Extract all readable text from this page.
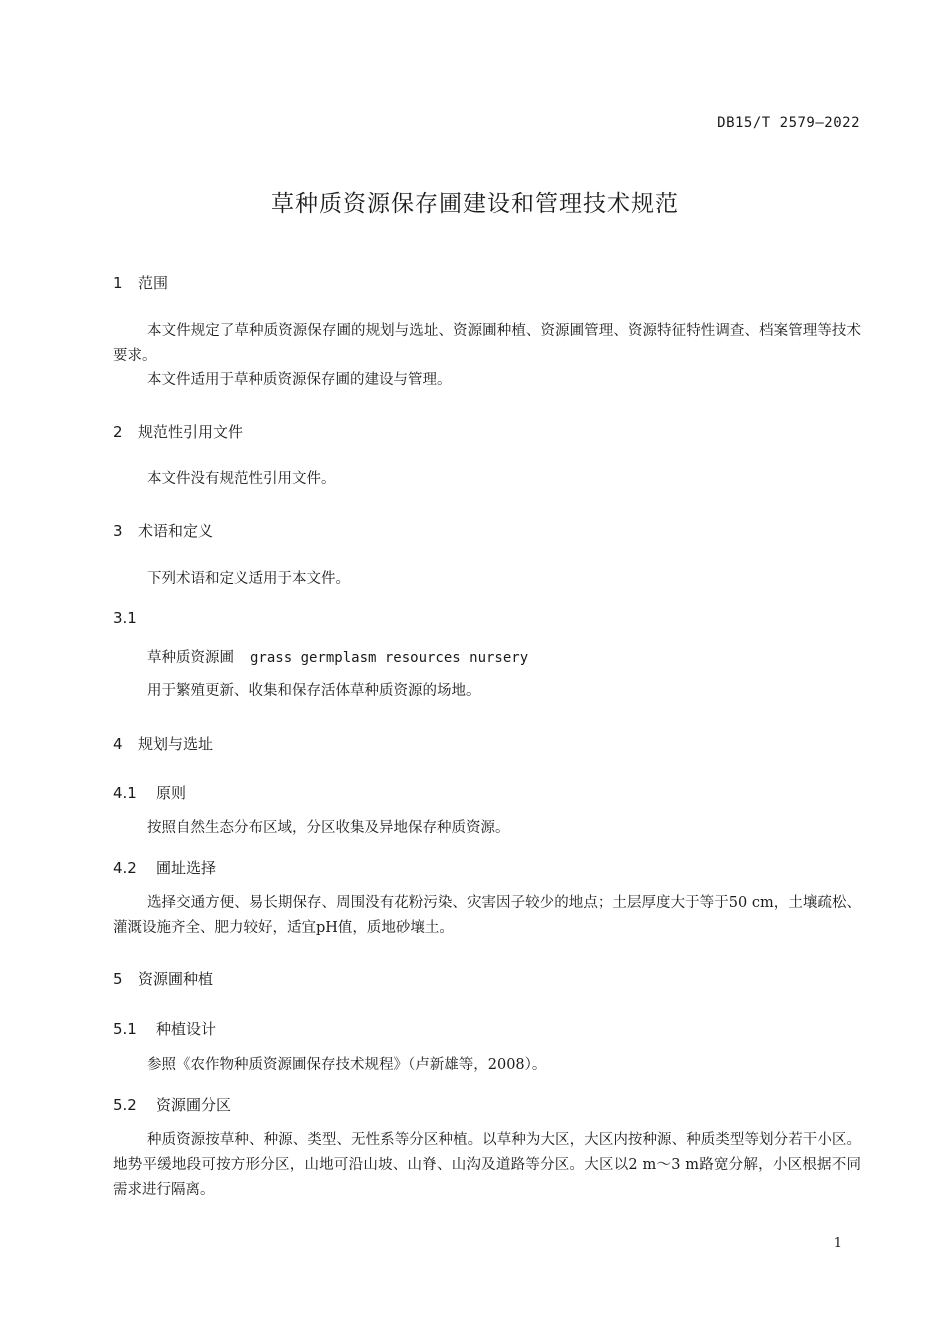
DB15/T 2579—2022
草种质资源保存圃建设和管理技术规范
1 范围
本文件规定了草种质资源保存圃的规划与选址、资源圃种植、资源圃管理、资源特征特性调查、档案管理等技术要求。
本文件适用于草种质资源保存圃的建设与管理。
2 规范性引用文件
本文件没有规范性引用文件。
3 术语和定义
下列术语和定义适用于本文件。
3.1
草种质资源圃 grass germplasm resources nursery
用于繁殖更新、收集和保存活体草种质资源的场地。
4 规划与选址
4.1 原则
按照自然生态分布区域，分区收集及异地保存种质资源。
4.2 圃址选择
选择交通方便、易长期保存、周围没有花粉污染、灾害因子较少的地点；土层厚度大于等于50 cm，土壤疏松、灌溉设施齐全、肥力较好，适宜pH值，质地砂壤土。
5 资源圃种植
5.1 种植设计
参照《农作物种质资源圃保存技术规程》（卢新雄等，2008）。
5.2 资源圃分区
种质资源按草种、种源、类型、无性系等分区种植。以草种为大区，大区内按种源、种质类型等划分若干小区。地势平缓地段可按方形分区，山地可沿山坡、山脊、山沟及道路等分区。大区以2 m～3 m路宽分解，小区根据不同需求进行隔离。
1
